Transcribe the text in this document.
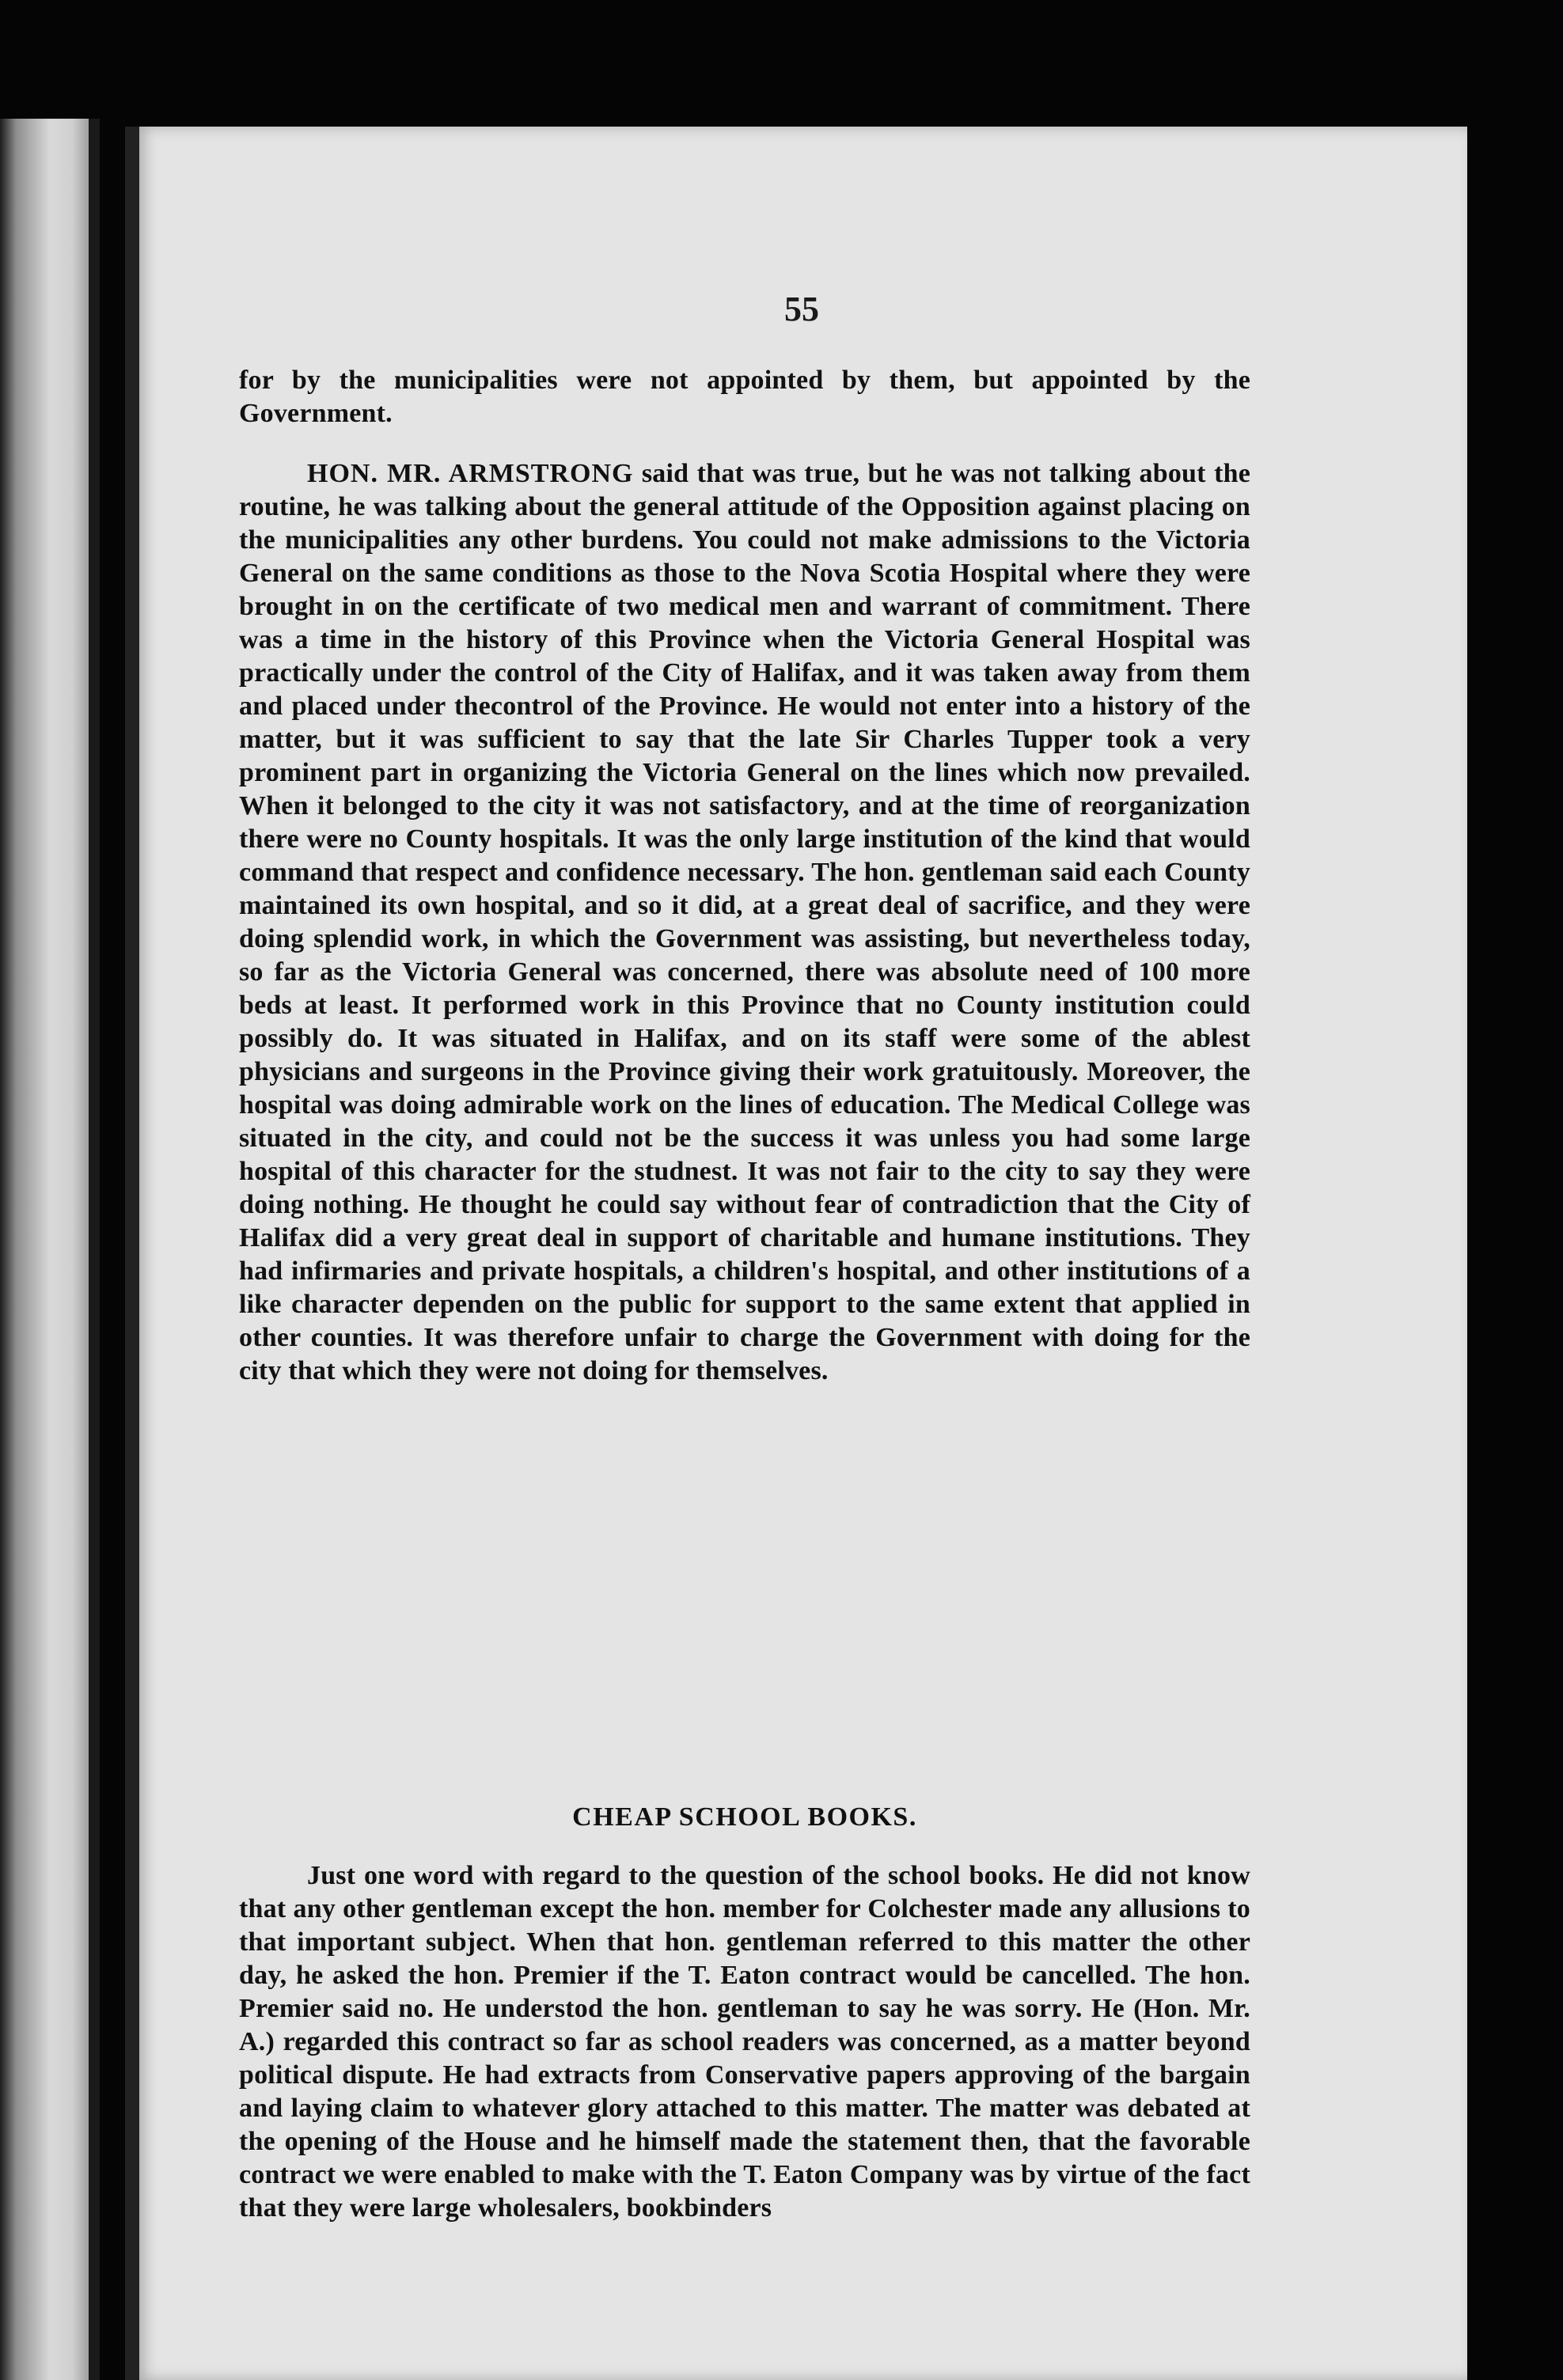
55

for by the municipalities were not appointed by them, but appointed by the Government.

HON. MR. ARMSTRONG said that was true, but he was not talking about the routine, he was talking about the general attitude of the Opposition against placing on the municipalities any other burdens. You could not make admissions to the Victoria General on the same conditions as those to the Nova Scotia Hospital where they were brought in on the certificate of two medical men and warrant of commitment. There was a time in the history of this Province when the Victoria General Hospital was practically under the control of the City of Halifax, and it was taken away from them and placed under thecontrol of the Province. He would not enter into a history of the matter, but it was sufficient to say that the late Sir Charles Tupper took a very prominent part in organizing the Victoria General on the lines which now prevailed. When it belonged to the city it was not satisfactory, and at the time of reorganization there were no County hospitals. It was the only large institution of the kind that would command that respect and confidence necessary. The hon. gentleman said each County maintained its own hospital, and so it did, at a great deal of sacrifice, and they were doing splendid work, in which the Government was assisting, but nevertheless today, so far as the Victoria General was concerned, there was absolute need of 100 more beds at least. It performed work in this Province that no County institution could possibly do. It was situated in Halifax, and on its staff were some of the ablest physicians and surgeons in the Province giving their work gratuitously. Moreover, the hospital was doing admirable work on the lines of education. The Medical College was situated in the city, and could not be the success it was unless you had some large hospital of this character for the studnest. It was not fair to the city to say they were doing nothing. He thought he could say without fear of contradiction that the City of Halifax did a very great deal in support of charitable and humane institutions. They had infirmaries and private hospitals, a children's hospital, and other institutions of a like character dependen on the public for support to the same extent that applied in other counties. It was therefore unfair to charge the Government with doing for the city that which they were not doing for themselves.

CHEAP SCHOOL BOOKS.

Just one word with regard to the question of the school books. He did not know that any other gentleman except the hon. member for Colchester made any allusions to that important subject. When that hon. gentleman referred to this matter the other day, he asked the hon. Premier if the T. Eaton contract would be cancelled. The hon. Premier said no. He understod the hon. gentleman to say he was sorry. He (Hon. Mr. A.) regarded this contract so far as school readers was concerned, as a matter beyond political dispute. He had extracts from Conservative papers approving of the bargain and laying claim to whatever glory attached to this matter. The matter was debated at the opening of the House and he himself made the statement then, that the favorable contract we were enabled to make with the T. Eaton Company was by virtue of the fact that they were large wholesalers, bookbinders
